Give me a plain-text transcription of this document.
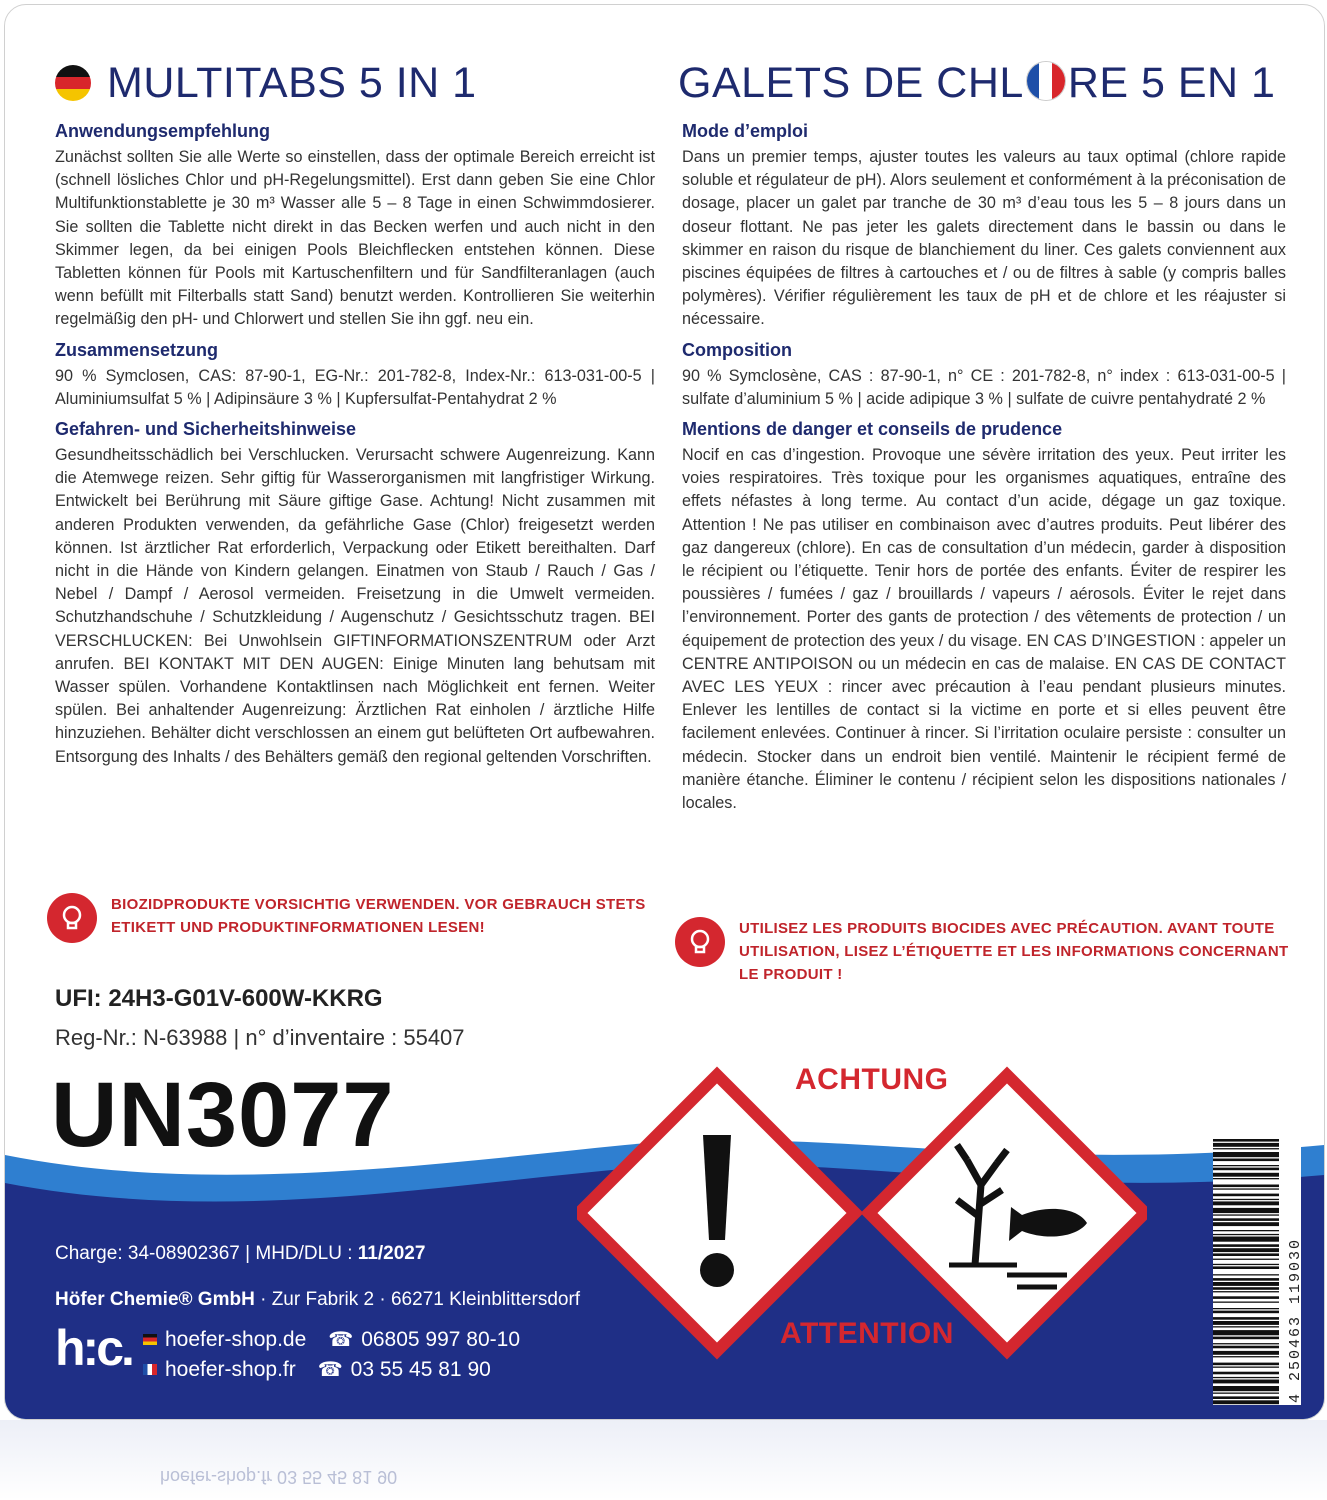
MULTITABS 5 IN 1
Anwendungsempfehlung
Zunächst sollten Sie alle Werte so einstellen, dass der optimale Bereich erreicht ist (schnell lösliches Chlor und pH-Regelungsmittel). Erst dann geben Sie eine Chlor Multifunktionstablette je 30 m³ Wasser alle 5 – 8 Tage in einen Schwimmdosierer. Sie sollten die Tablette nicht direkt in das Becken werfen und auch nicht in den Skimmer legen, da bei einigen Pools Bleichflecken entstehen können. Diese Tabletten können für Pools mit Kartuschenfiltern und für Sandfilteranlagen (auch wenn befüllt mit Filterballs statt Sand) benutzt werden. Kontrollieren Sie weiterhin regelmäßig den pH- und Chlorwert und stellen Sie ihn ggf. neu ein.
Zusammensetzung
90 % Symclosen, CAS: 87-90-1, EG-Nr.: 201-782-8, Index-Nr.: 613-031-00-5 | Aluminiumsulfat 5 % | Adipinsäure 3 % | Kupfersulfat-Pentahydrat 2 %
Gefahren- und Sicherheitshinweise
Gesundheitsschädlich bei Verschlucken. Verursacht schwere Augenreizung. Kann die Atemwege reizen. Sehr giftig für Wasserorganismen mit langfristiger Wirkung. Entwickelt bei Berührung mit Säure giftige Gase. Achtung! Nicht zusammen mit anderen Produkten verwenden, da gefährliche Gase (Chlor) freigesetzt werden können. Ist ärztlicher Rat erforderlich, Verpackung oder Etikett bereithalten. Darf nicht in die Hände von Kindern gelangen. Einatmen von Staub / Rauch / Gas / Nebel / Dampf / Aerosol vermeiden. Freisetzung in die Umwelt vermeiden. Schutzhandschuhe / Schutzkleidung / Augenschutz / Gesichtsschutz tragen. BEI VERSCHLUCKEN: Bei Unwohlsein GIFTINFORMATIONSZENTRUM oder Arzt anrufen. BEI KONTAKT MIT DEN AUGEN: Einige Minuten lang behutsam mit Wasser spülen. Vorhandene Kontaktlinsen nach Möglichkeit ent fernen. Weiter spülen. Bei anhaltender Augenreizung: Ärztlichen Rat einholen / ärztliche Hilfe hinzuziehen. Behälter dicht verschlossen an einem gut belüfteten Ort aufbewahren. Entsorgung des Inhalts / des Behälters gemäß den regional geltenden Vorschriften.
GALETS DE CHL RE 5 EN 1
Mode d’emploi
Dans un premier temps, ajuster toutes les valeurs au taux optimal (chlore rapide soluble et régulateur de pH). Alors seulement et conformément à la préconisation de dosage, placer un galet par tranche de 30 m³ d’eau tous les 5 – 8 jours dans un doseur flottant. Ne pas jeter les galets directement dans le bassin ou dans le skimmer en raison du risque de blanchiement du liner. Ces galets conviennent aux piscines équipées de filtres à cartouches et / ou de filtres à sable (y compris balles polymères). Vérifier régulièrement les taux de pH et de chlore et les réajuster si nécessaire.
Composition
90 % Symclosène, CAS : 87-90-1, n° CE : 201-782-8, n° index : 613-031-00-5 | sulfate d’aluminium 5 % | acide adipique 3 % | sulfate de cuivre pentahydraté 2 %
Mentions de danger et conseils de prudence
Nocif en cas d’ingestion. Provoque une sévère irritation des yeux. Peut irriter les voies respiratoires. Très toxique pour les organismes aquatiques, entraîne des effets néfastes à long terme. Au contact d’un acide, dégage un gaz toxique. Attention ! Ne pas utiliser en combinaison avec d’autres produits. Peut libérer des gaz dangereux (chlore). En cas de consultation d’un médecin, garder à disposition le récipient ou l’étiquette. Tenir hors de portée des enfants. Éviter de respirer les poussières / fumées / gaz / brouillards / vapeurs / aérosols. Éviter le rejet dans l’environnement. Porter des gants de protection / des vêtements de protection / un équipement de protection des yeux / du visage. EN CAS D’INGESTION : appeler un CENTRE ANTIPOISON ou un médecin en cas de malaise. EN CAS DE CONTACT AVEC LES YEUX : rincer avec précaution à l’eau pendant plusieurs minutes. Enlever les lentilles de contact si la victime en porte et si elles peuvent être facilement enlevées. Continuer à rincer. Si l’irritation oculaire persiste : consulter un médecin. Stocker dans un endroit bien ventilé. Maintenir le récipient fermé de manière étanche. Éliminer le contenu / récipient selon les dispositions nationales / locales.
BIOZIDPRODUKTE VORSICHTIG VERWENDEN. VOR GEBRAUCH STETS
ETIKETT UND PRODUKTINFORMATIONEN LESEN!	UTILISEZ LES PRODUITS BIOCIDES AVEC PRÉCAUTION. AVANT TOUTE
UTILISATION, LISEZ L’ÉTIQUETTE ET LES INFORMATIONS CONCERNANT
LE PRODUIT !
UFI: 24H3-G01V-600W-KKRG
Reg-Nr.: N-63988 | n° d’inventaire : 55407
UN3077
Charge: 34-08902367 | MHD/DLU : 11/2027
Höfer Chemie® GmbH · Zur Fabrik 2 · 66271 Kleinblittersdorf
h:c.	hoefer-shop.de ☎ 06805 997 80-10
hoefer-shop.fr ☎ 03 55 45 81 90
ACHTUNG
ATTENTION	4 250463 119030
hoefer-shop.fr 03 55 45 81 90
